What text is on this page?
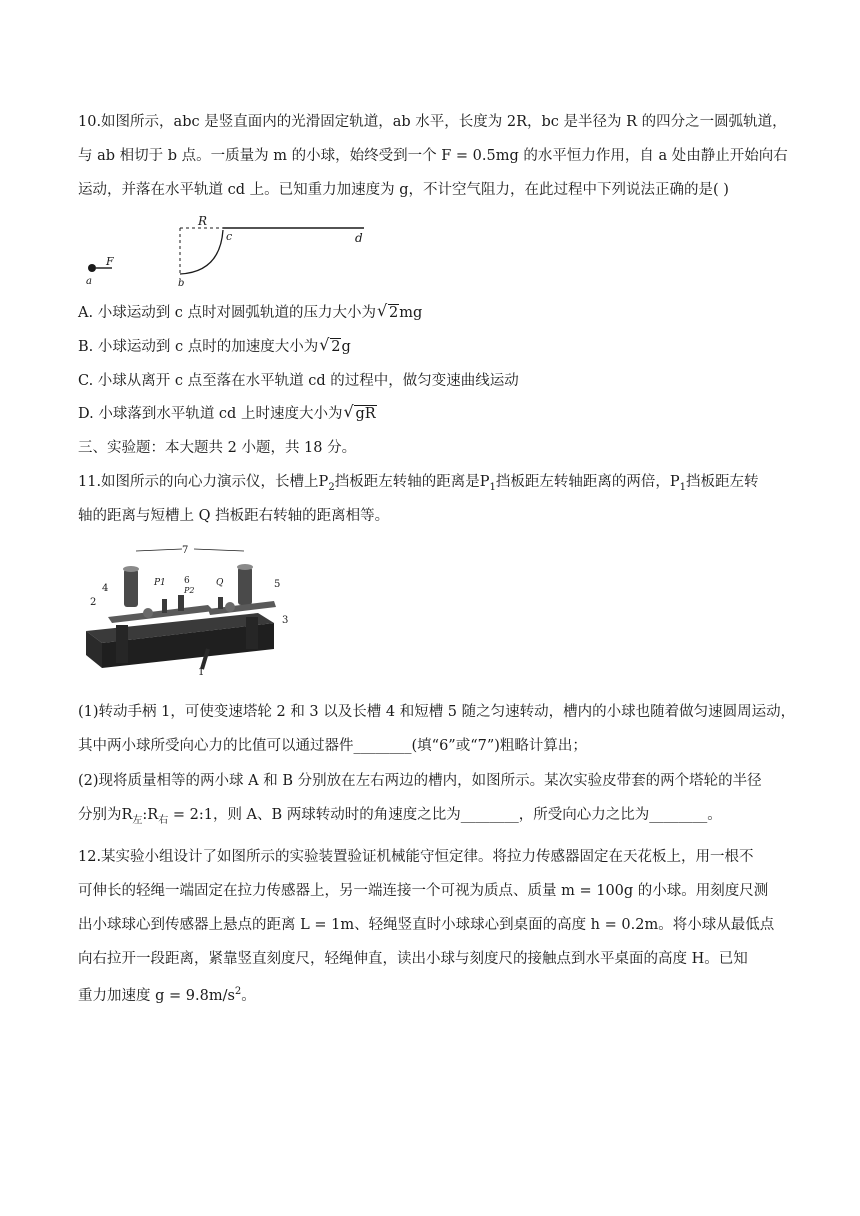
10.如图所示，abc 是竖直面内的光滑固定轨道，ab 水平，长度为 2R，bc 是半径为 R 的四分之一圆弧轨道，
与 ab 相切于 b 点。一质量为 m 的小球，始终受到一个 F = 0.5mg 的水平恒力作用，自 a 处由静止开始向右
运动，并落在水平轨道 cd 上。已知重力加速度为 g，不计空气阻力，在此过程中下列说法正确的是( )
R
c	d
F
a	b
A. 小球运动到 c 点时对圆弧轨道的压力大小为 √ 2mg
B. 小球运动到 c 点时的加速度大小为 √ 2g
C. 小球从离开 c 点至落在水平轨道 cd 的过程中，做匀变速曲线运动
D. 小球落到水平轨道 cd 上时速度大小为 √ gR
三、实验题：本大题共 2 小题，共 18 分。
11.如图所示的向心力演示仪，长槽上$P_2$挡板距左转轴的距离是$P_1$挡板距左转轴距离的两倍，$P_1$挡板距左转
轴的距离与短槽上 Q 挡板距右转轴的距离相等。
7
4
2
P1 6
P2
Q	5
A	B
3
1
(1)转动手柄 1，可使变速塔轮 2 和 3 以及长槽 4 和短槽 5 随之匀速转动，槽内的小球也随着做匀速圆周运动，
其中两小球所受向心力的比值可以通过器件________(填“6”或“7”)粗略计算出；
(2)现将质量相等的两小球 A 和 B 分别放在左右两边的槽内，如图所示。某次实验皮带套的两个塔轮的半径
分别为$R_左:R_右$ = 2:1，则 A、B 两球转动时的角速度之比为________，所受向心力之比为________。
12.某实验小组设计了如图所示的实验装置验证机械能守恒定律。将拉力传感器固定在天花板上，用一根不
可伸长的轻绳一端固定在拉力传感器上，另一端连接一个可视为质点、质量 m = 100g 的小球。用刻度尺测
出小球球心到传感器上悬点的距离 L = 1m、轻绳竖直时小球球心到桌面的高度 h = 0.2m。将小球从最低点
向右拉开一段距离，紧靠竖直刻度尺，轻绳伸直，读出小球与刻度尺的接触点到水平桌面的高度 H。已知
重力加速度 $g = 9.8m/s^2$。
